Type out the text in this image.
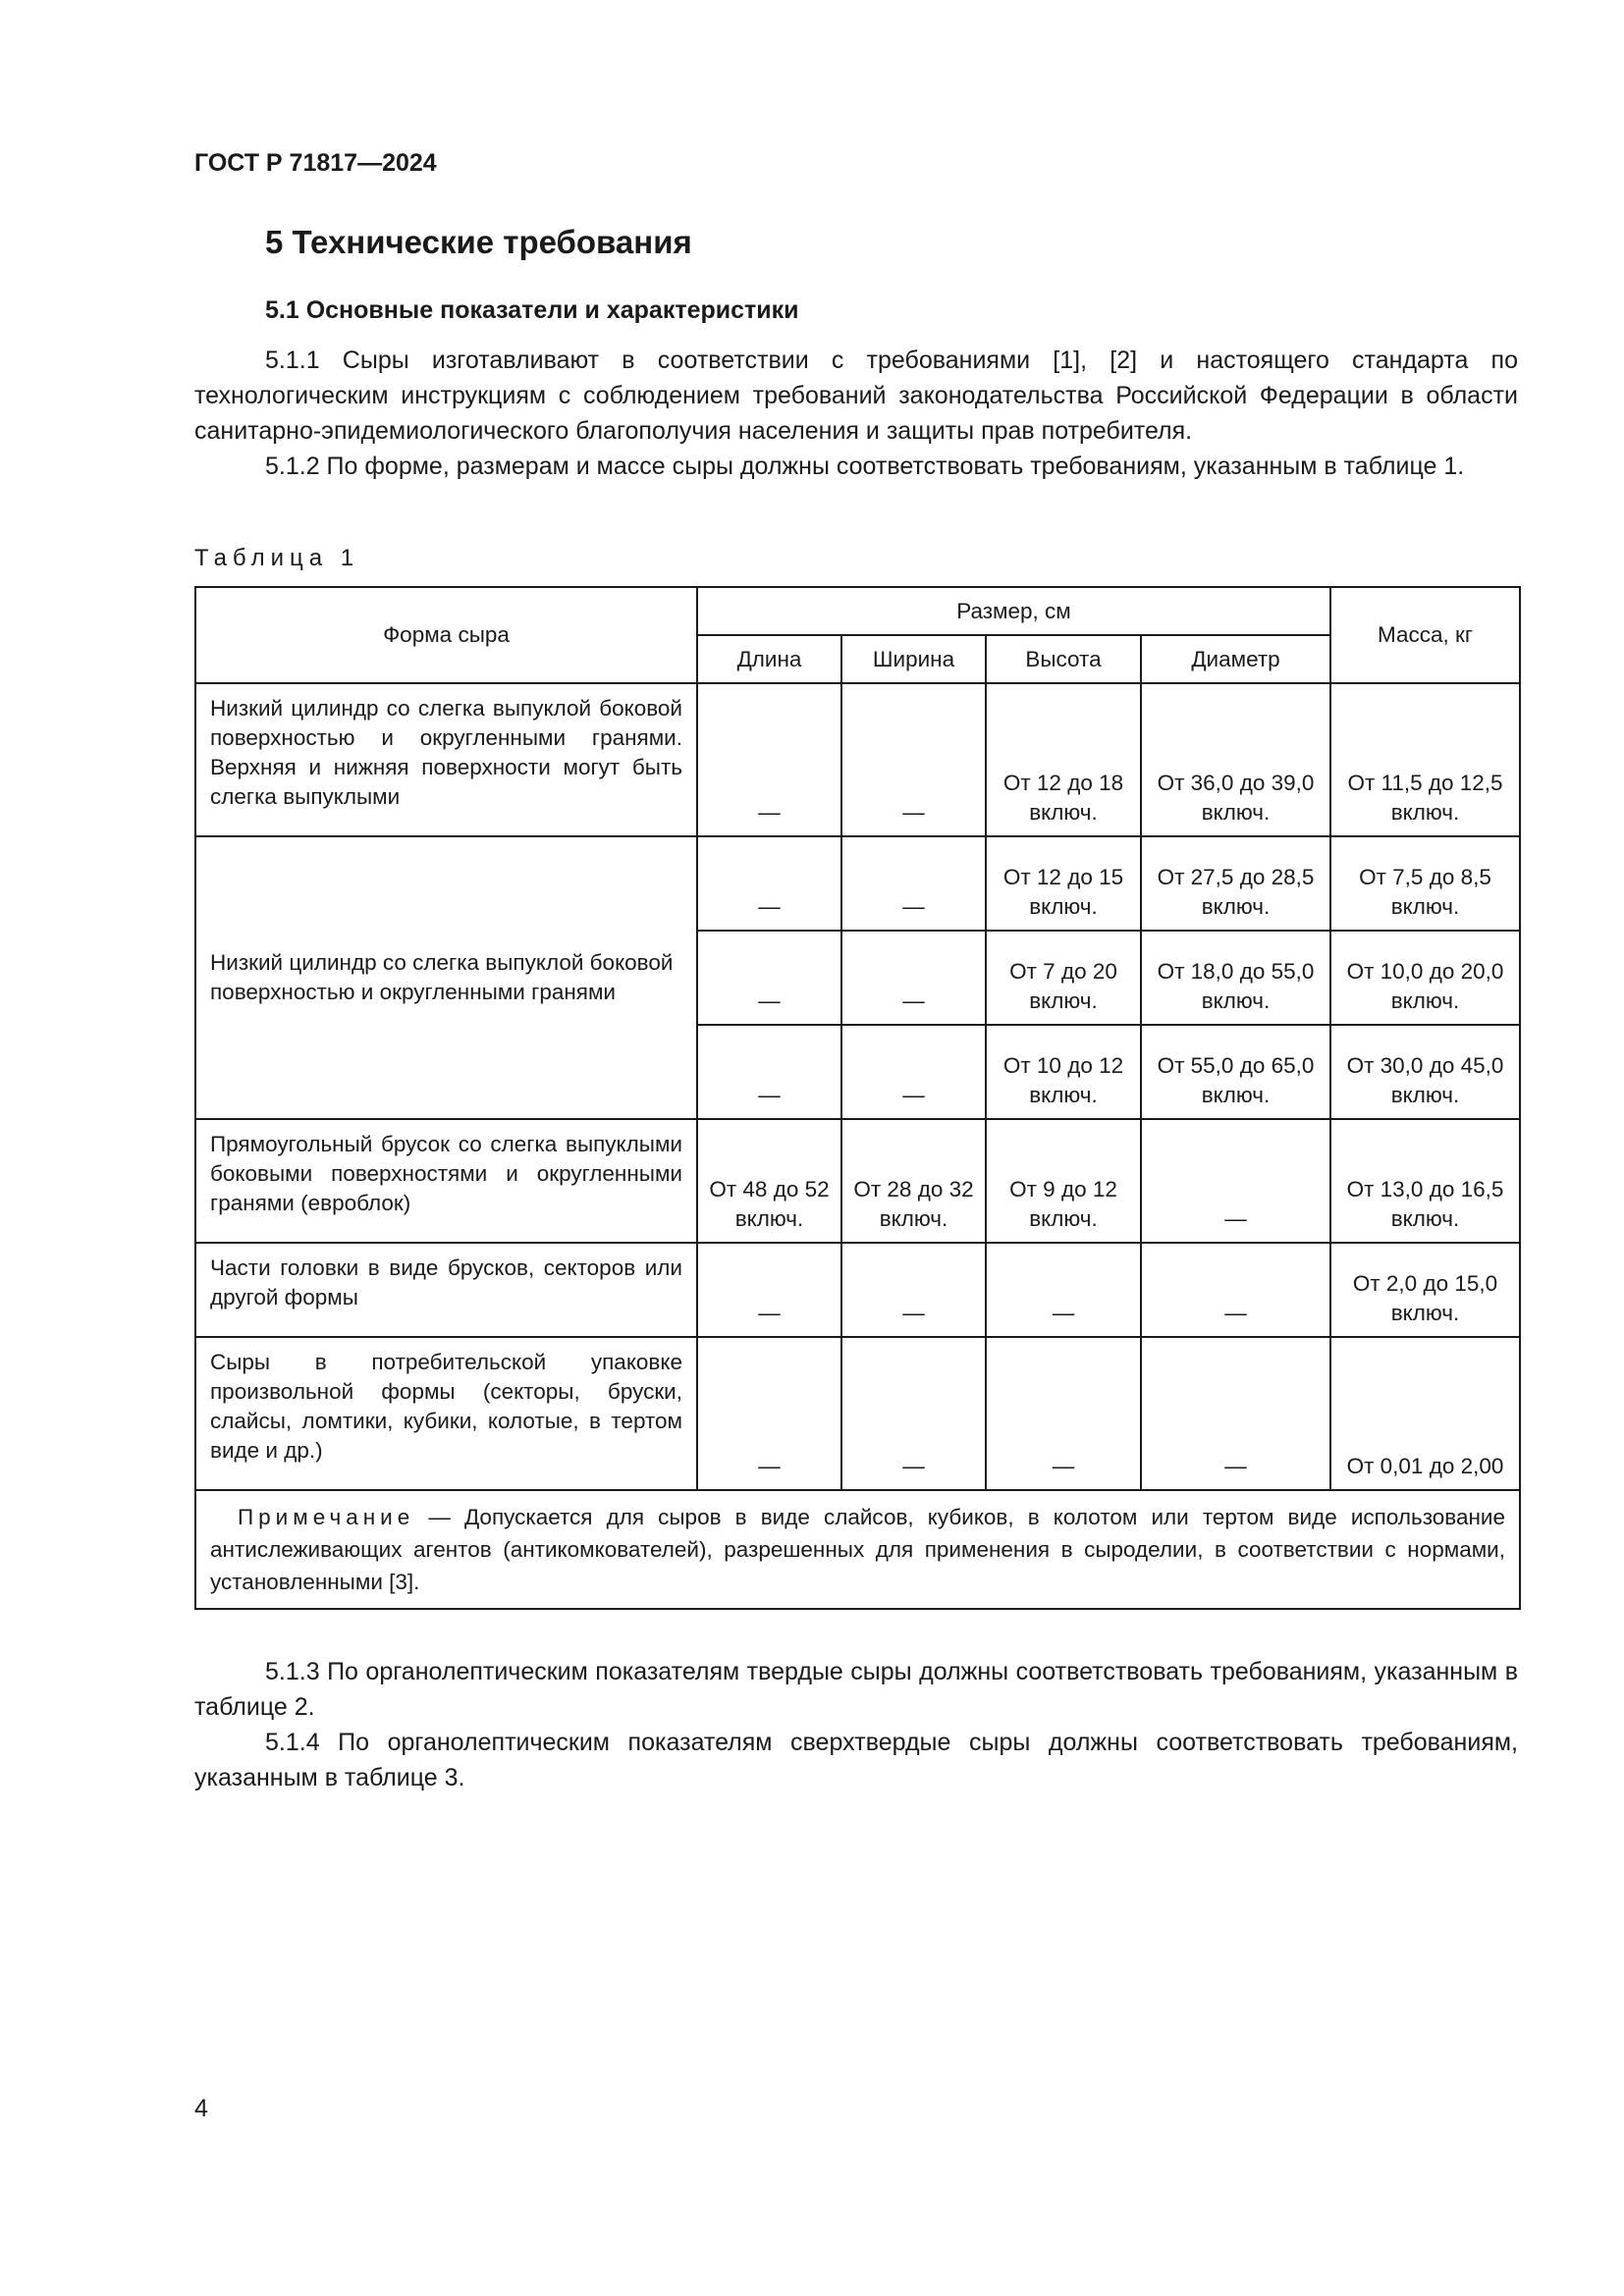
ГОСТ Р 71817—2024
5 Технические требования
5.1 Основные показатели и характеристики

5.1.1 Сыры изготавливают в соответствии с требованиями [1], [2] и настоящего стандарта по технологическим инструкциям с соблюдением требований законодательства Российской Федерации в области санитарно-эпидемиологического благополучия населения и защиты прав потребителя.

5.1.2 По форме, размерам и массе сыры должны соответствовать требованиям, указанным в таблице 1.

Таблица 1
Форма сыра	Размер, см				Масса, кг
	Длина	Ширина	Высота	Диаметр	
Низкий цилиндр со слегка выпуклой боковой поверхностью и округленными гранями. Верхняя и нижняя поверхности могут быть слегка выпуклыми	—	—	От 12 до 18 включ.	От 36,0 до 39,0 включ.	От 11,5 до 12,5 включ.
Низкий цилиндр со слегка выпуклой боковой поверхностью и округленными гранями	—	—	От 12 до 15 включ.	От 27,5 до 28,5 включ.	От 7,5 до 8,5 включ.
	—	—	От 7 до 20 включ.	От 18,0 до 55,0 включ.	От 10,0 до 20,0 включ.
	—	—	От 10 до 12 включ.	От 55,0 до 65,0 включ.	От 30,0 до 45,0 включ.
Прямоугольный брусок со слегка выпуклыми боковыми поверхностями и округленными гранями (евроблок)	От 48 до 52 включ.	От 28 до 32 включ.	От 9 до 12 включ.	—	От 13,0 до 16,5 включ.
Части головки в виде брусков, секторов или другой формы	—	—	—	—	От 2,0 до 15,0 включ.
Сыры в потребительской упаковке произвольной формы (секторы, бруски, слайсы, ломтики, кубики, колотые, в тертом виде и др.)	—	—	—	—	От 0,01 до 2,00
Примечание — Допускается для сыров в виде слайсов, кубиков, в колотом или тертом виде использование антислеживающих агентов (антикомкователей), разрешенных для применения в сыроделии, в соответствии с нормами, установленными [3].					

5.1.3 По органолептическим показателям твердые сыры должны соответствовать требованиям, указанным в таблице 2.

5.1.4 По органолептическим показателям сверхтвердые сыры должны соответствовать требованиям, указанным в таблице 3.

4
